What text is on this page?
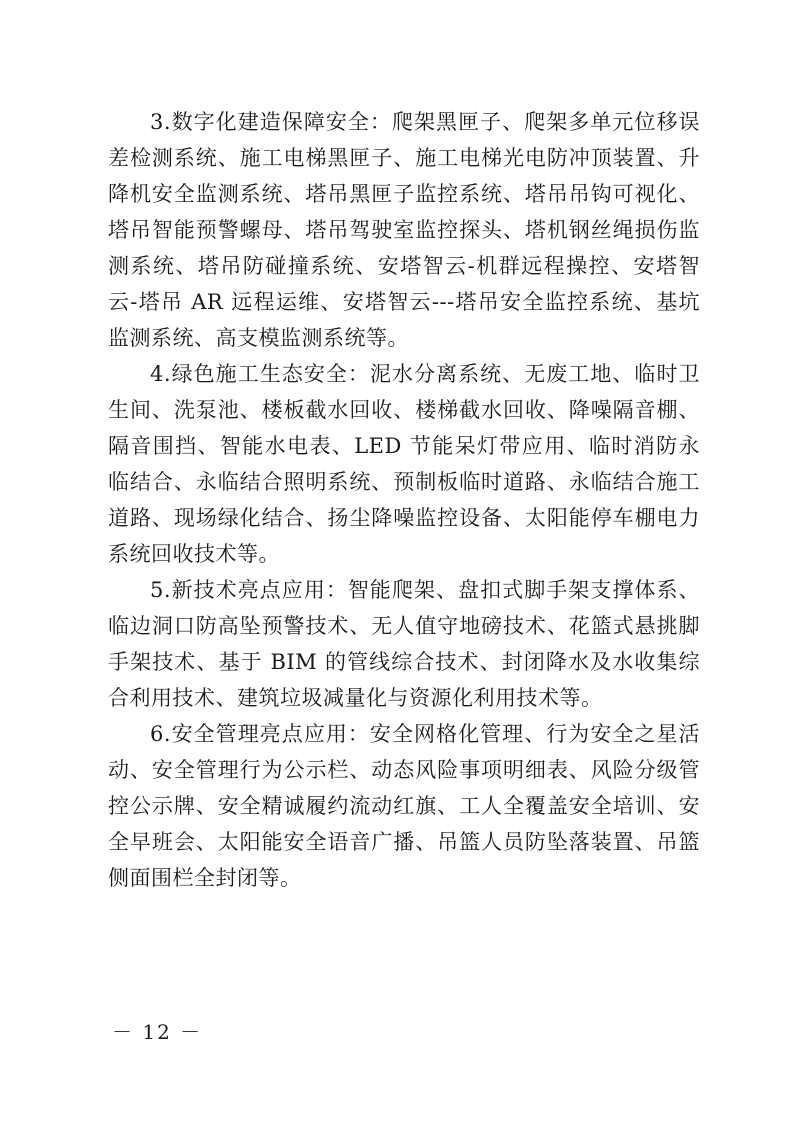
3.数字化建造保障安全：爬架黑匣子、爬架多单元位移误差检测系统、施工电梯黑匣子、施工电梯光电防冲顶装置、升降机安全监测系统、塔吊黑匣子监控系统、塔吊吊钩可视化、塔吊智能预警螺母、塔吊驾驶室监控探头、塔机钢丝绳损伤监测系统、塔吊防碰撞系统、安塔智云-机群远程操控、安塔智云-塔吊 AR 远程运维、安塔智云---塔吊安全监控系统、基坑监测系统、高支模监测系统等。

4.绿色施工生态安全：泥水分离系统、无废工地、临时卫生间、洗泵池、楼板截水回收、楼梯截水回收、降噪隔音棚、隔音围挡、智能水电表、LED 节能呆灯带应用、临时消防永临结合、永临结合照明系统、预制板临时道路、永临结合施工道路、现场绿化结合、扬尘降噪监控设备、太阳能停车棚电力系统回收技术等。

5.新技术亮点应用：智能爬架、盘扣式脚手架支撑体系、临边洞口防高坠预警技术、无人值守地磅技术、花篮式悬挑脚手架技术、基于 BIM 的管线综合技术、封闭降水及水收集综合利用技术、建筑垃圾减量化与资源化利用技术等。

6.安全管理亮点应用：安全网格化管理、行为安全之星活动、安全管理行为公示栏、动态风险事项明细表、风险分级管控公示牌、安全精诚履约流动红旗、工人全覆盖安全培训、安全早班会、太阳能安全语音广播、吊篮人员防坠落装置、吊篮侧面围栏全封闭等。

－ 12 －
